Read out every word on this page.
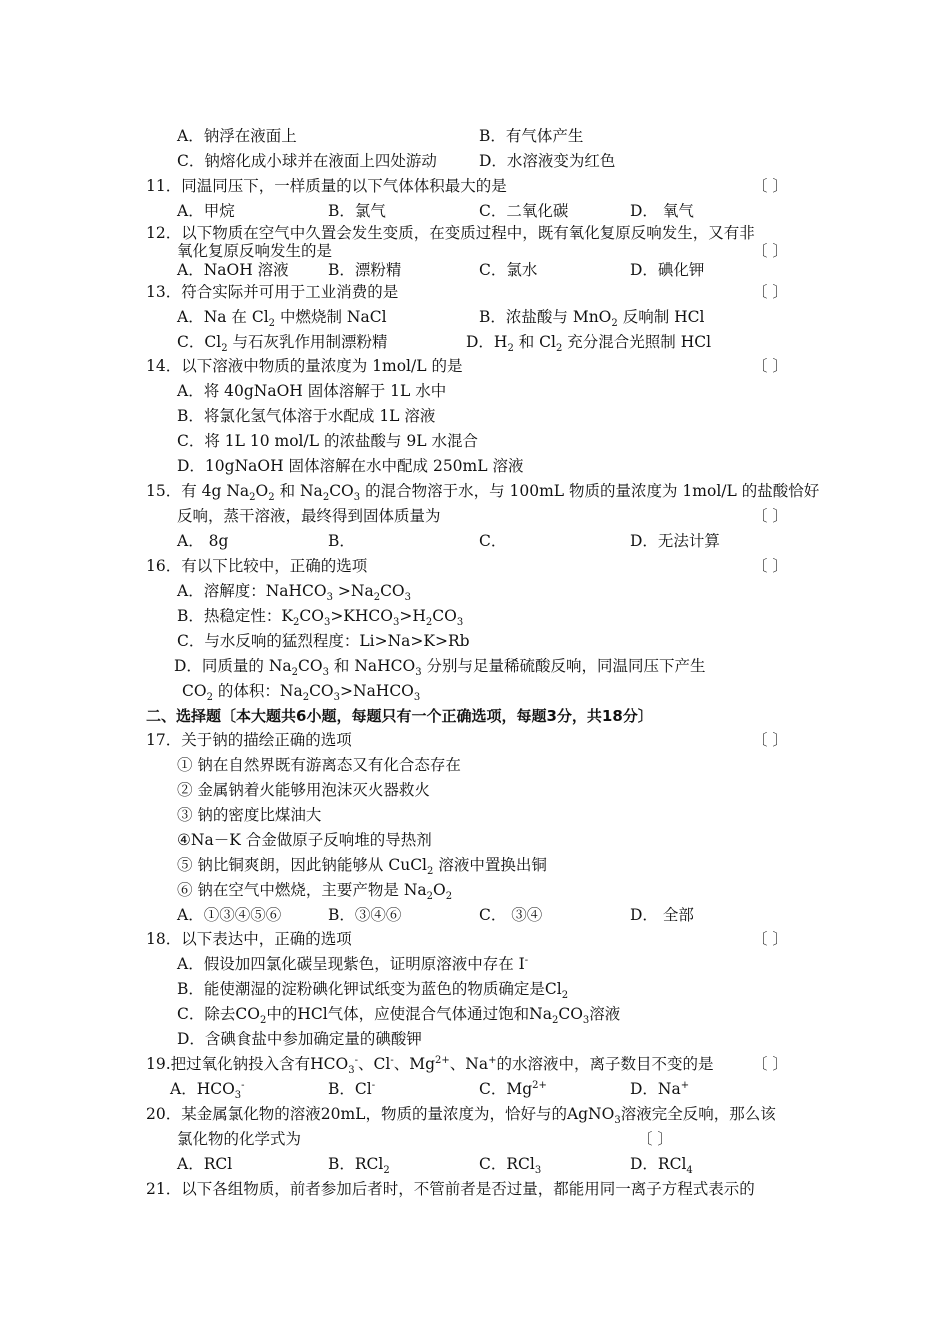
A．钠浮在液面上	B．有气体产生
C．钠熔化成小球并在液面上四处游动	D．水溶液变为红色
11．同温同压下，一样质量的以下气体体积最大的是	〔 〕
A．甲烷	B．氯气	C．二氧化碳	D． 氧气
12．以下物质在空气中久置会发生变质，在变质过程中，既有氧化复原反响发生，又有非
氧化复原反响发生的是	〔 〕
A．NaOH 溶液	B．漂粉精	C．氯水	D．碘化钾
13．符合实际并可用于工业消费的是	〔 〕
A．Na 在 $Cl_2$ 中燃烧制 NaCl	B．浓盐酸与 MnO$_2$ 反响制 HCl
C．$Cl_2$ 与石灰乳作用制漂粉精	D．$H_2$ 和 $Cl_2$ 充分混合光照制 HCl
14．以下溶液中物质的量浓度为 1mol/L 的是	〔 〕
A．将 40gNaOH 固体溶解于 1L 水中
B．将氯化氢气体溶于水配成 1L 溶液
C．将 1L 10 mol/L 的浓盐酸与 9L 水混合
D．10gNaOH 固体溶解在水中配成 250mL 溶液
15．有 4g $Na_2O_2$ 和 $Na_2CO_3$ 的混合物溶于水，与 100mL 物质的量浓度为 1mol/L 的盐酸恰好
反响，蒸干溶液，最终得到固体质量为	〔 〕
A． 8g	B．	C．	D．无法计算
16．有以下比较中，正确的选项	〔 〕
A．溶解度：NaHCO$_3$ $>Na_2CO_3$
B．热稳定性：$K_2CO_3>KHCO_3>H_2CO_3$
C．与水反响的猛烈程度：Li>Na>K>Rb
D．同质量的 $Na_2CO_3$ 和 NaHCO$_3$ 分别与足量稀硫酸反响，同温同压下产生
$CO_2$ 的体积：$Na_2CO_3>NaHCO_3$
二、选择题〔本大题共6小题，每题只有一个正确选项，每题3分，共18分〕
17．关于钠的描绘正确的选项	〔 〕
① 钠在自然界既有游离态又有化合态存在
② 金属钠着火能够用泡沫灭火器救火
③ 钠的密度比煤油大
④Na－K 合金做原子反响堆的导热剂
⑤ 钠比铜爽朗，因此钠能够从 CuCl$_2$ 溶液中置换出铜
⑥ 钠在空气中燃烧，主要产物是 $Na_2O_2$
A．①③④⑤⑥	B．③④⑥	C． ③④	D． 全部
18．以下表达中，正确的选项	〔 〕
A．假设加四氯化碳呈现紫色，证明原溶液中存在 I-
B．能使潮湿的淀粉碘化钾试纸变为蓝色的物质确定是$Cl_2$
C．除去$CO_2$中的HCl气体，应使混合气体通过饱和$Na_2CO_3$溶液
D．含碘食盐中参加确定量的碘酸钾
19.把过氧化钠投入含有$HCO_3^-$、Cl-、$Mg^{2+}$、Na+的水溶液中，离子数目不变的是 〔 〕
A．$HCO_3^-$	B．Cl-	C．$Mg^{2+}$	D．Na+
20．某金属氯化物的溶液20mL，物质的量浓度为，恰好与的AgNO$_3$溶液完全反响，那么该
氯化物的化学式为	〔 〕
A．RCl	B．RCl$_2$	C．RCl$_3$	D．RCl$_4$
21．以下各组物质，前者参加后者时，不管前者是否过量，都能用同一离子方程式表示的
